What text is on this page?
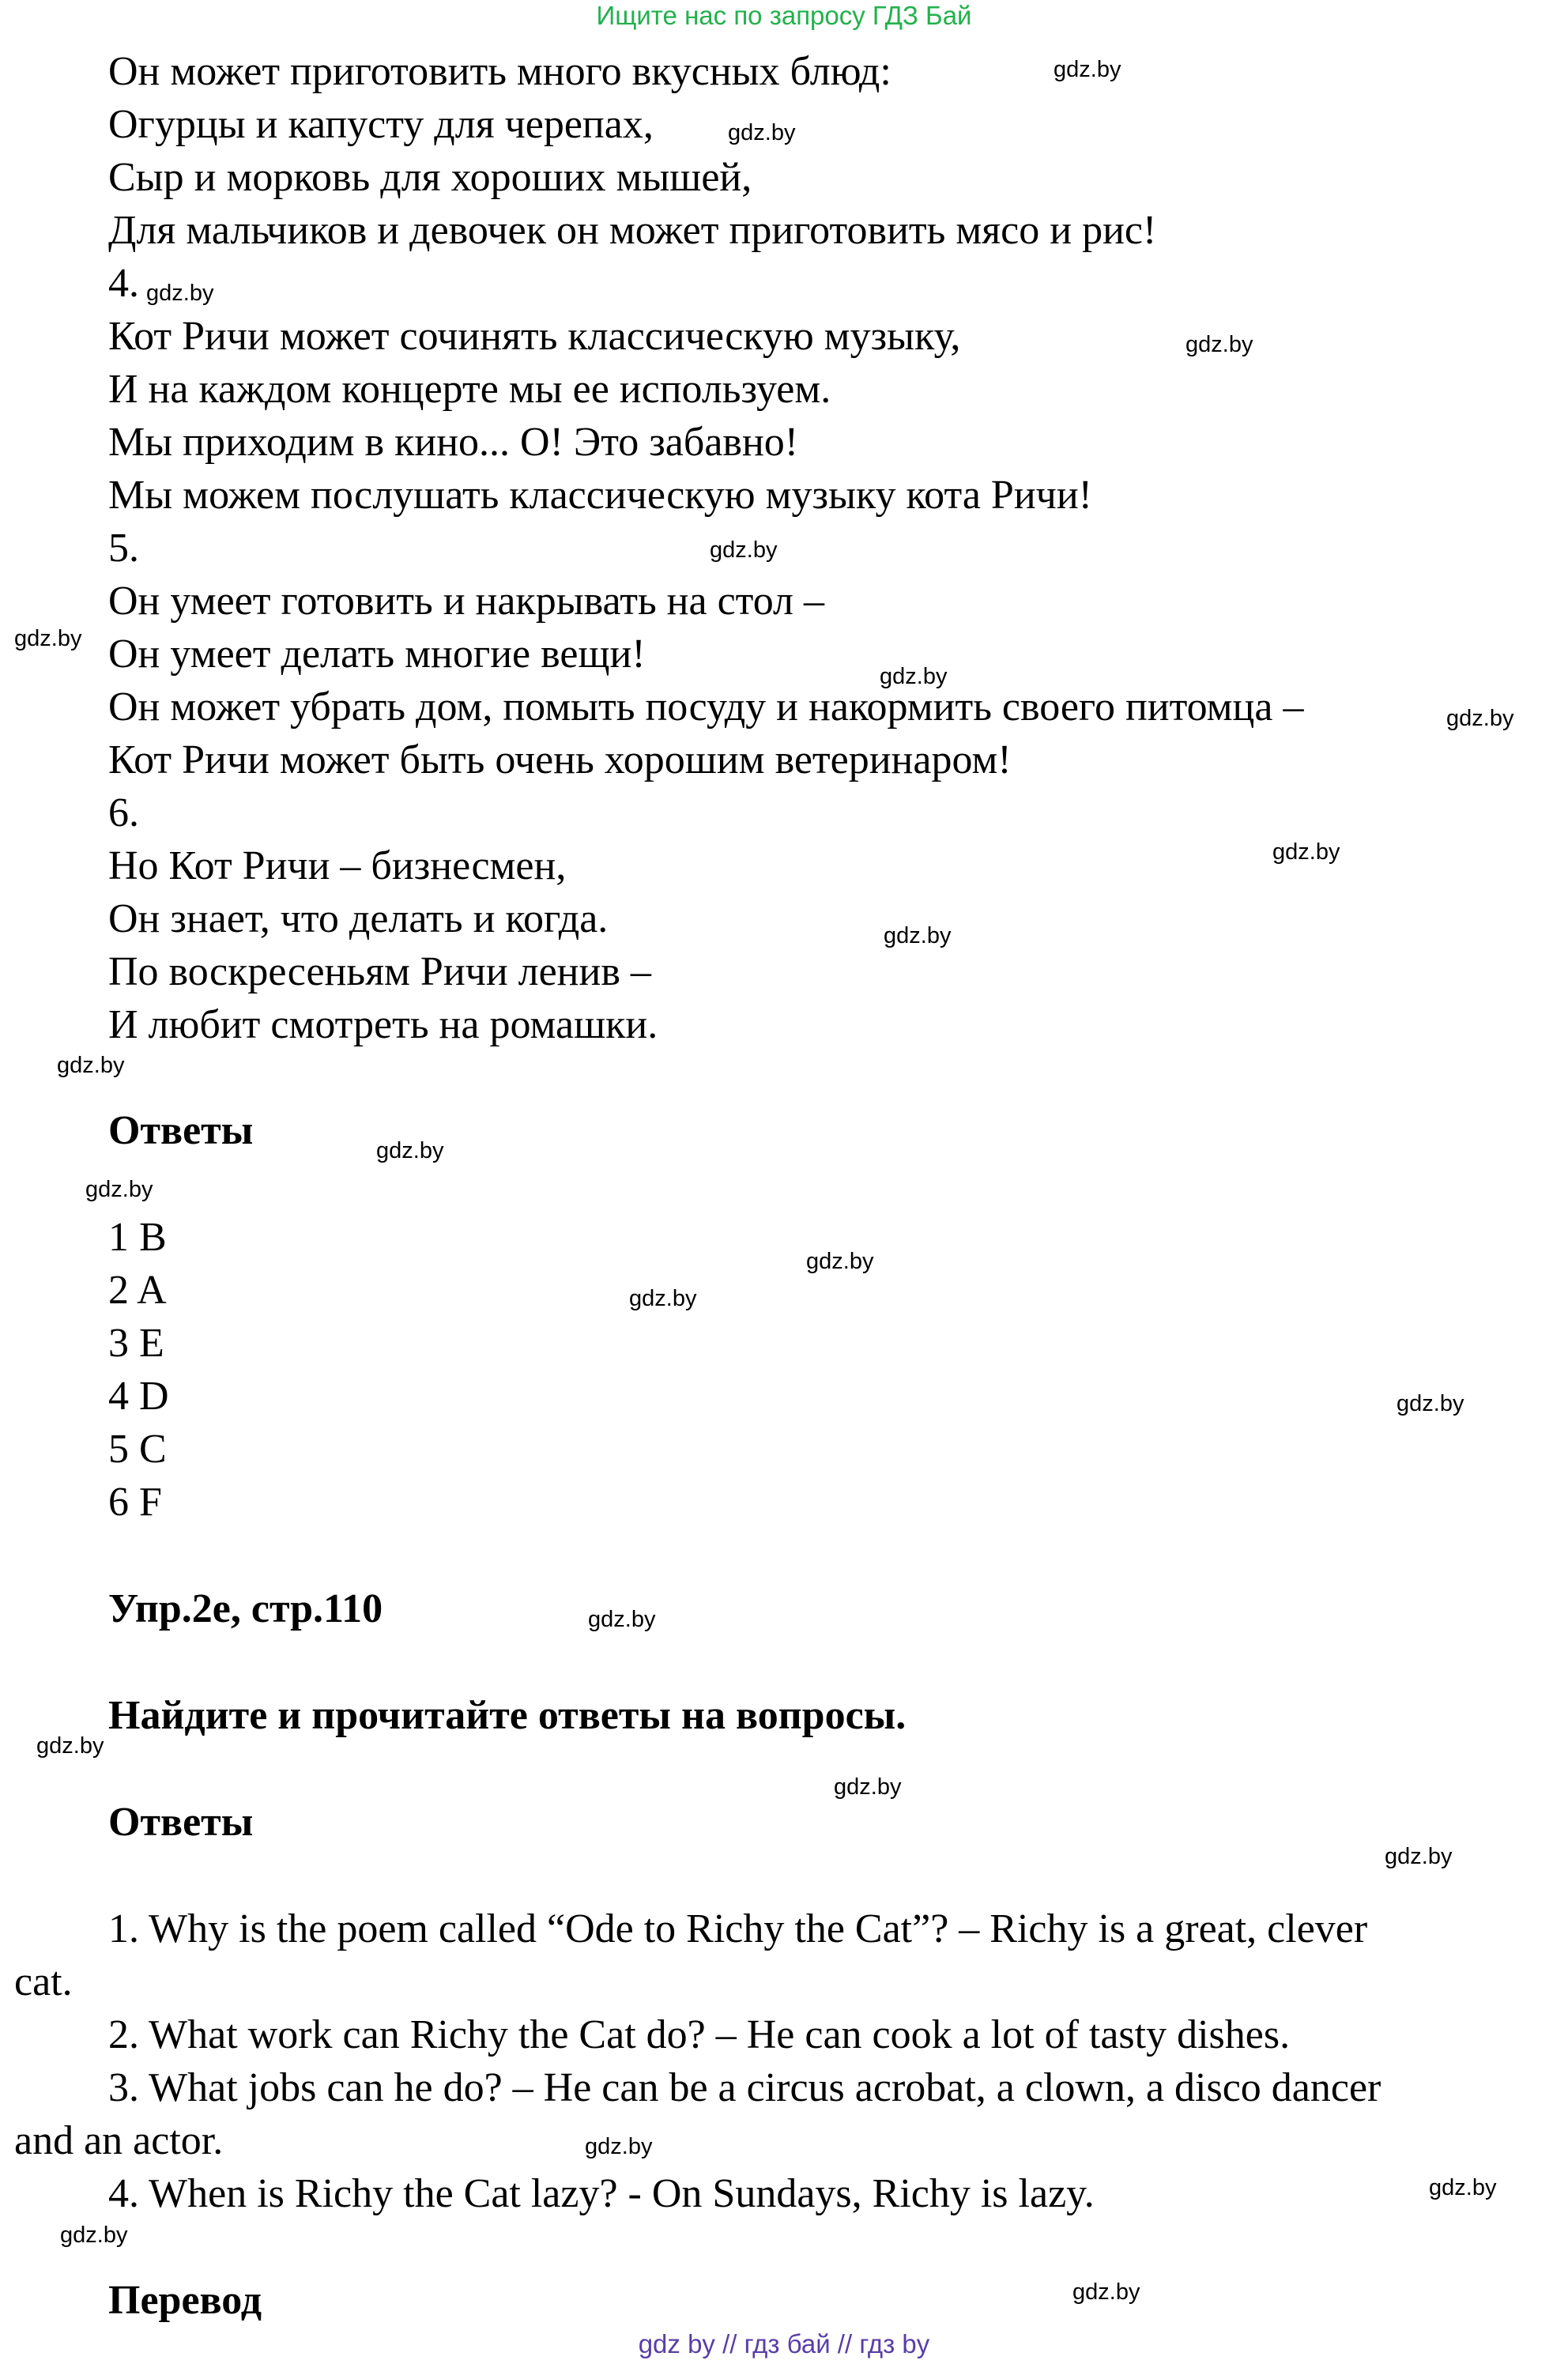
Ищите нас по запросу ГДЗ Бай
Он может приготовить много вкусных блюд:
Огурцы и капусту для черепах,
Сыр и морковь для хороших мышей,
Для мальчиков и девочек он может приготовить мясо и рис!
4.
Кот Ричи может сочинять классическую музыку,
И на каждом концерте мы ее используем.
Мы приходим в кино... О! Это забавно!
Мы можем послушать классическую музыку кота Ричи!
5.
Он умеет готовить и накрывать на стол –
Он умеет делать многие вещи!
Он может убрать дом, помыть посуду и накормить своего питомца –
Кот Ричи может быть очень хорошим ветеринаром!
6.
Но Кот Ричи – бизнесмен,
Он знает, что делать и когда.
По воскресеньям Ричи ленив –
И любит смотреть на ромашки.
Ответы
1 B
2 A
3 E
4 D
5 C
6 F
Упр.2е, стр.110
Найдите и прочитайте ответы на вопросы.
Ответы
1. Why is the poem called “Ode to Richy the Cat”? – Richy is a great, clever
cat.
2. What work can Richy the Cat do? – He can cook a lot of tasty dishes.
3. What jobs can he do? – He can be a circus acrobat, a clown, a disco dancer
and an actor.
4. When is Richy the Cat lazy? - On Sundays, Richy is lazy.
Перевод
gdz.by
gdz.by
gdz.by
gdz.by
gdz.by
gdz.by
gdz.by
gdz.by
gdz.by
gdz.by
gdz.by
gdz.by
gdz.by
gdz.by
gdz.by
gdz.by
gdz.by
gdz.by
gdz.by
gdz.by
gdz.by
gdz.by
gdz.by
gdz.by
gdz by // гдз бай // гдз by
